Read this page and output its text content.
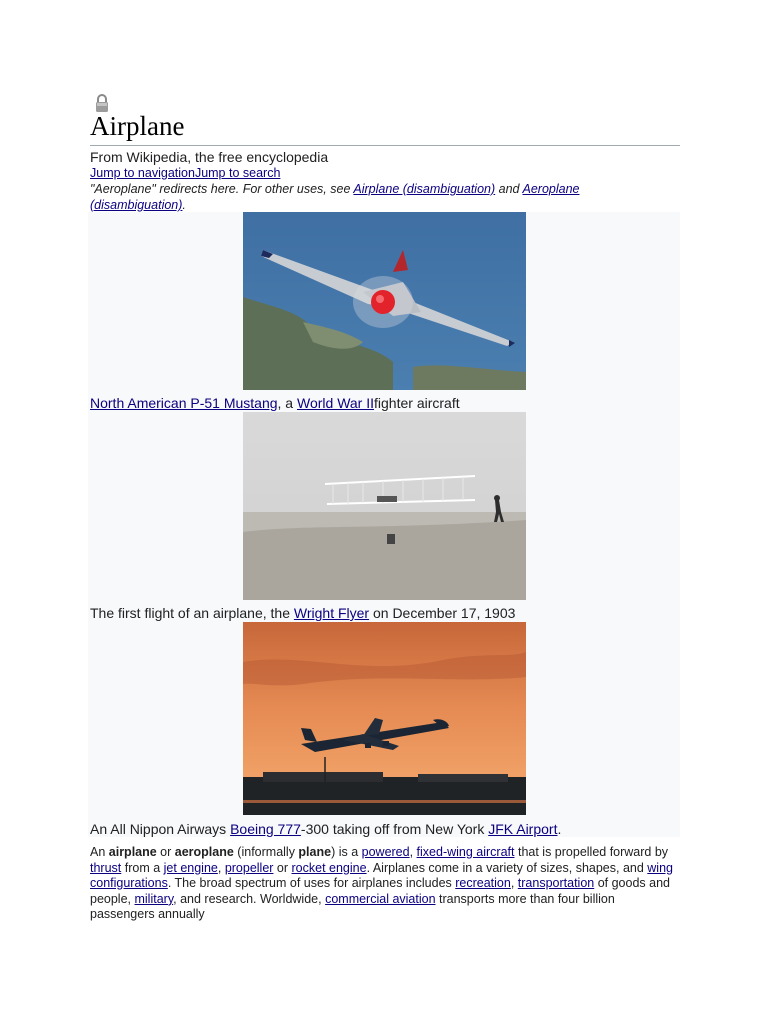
Airplane
From Wikipedia, the free encyclopedia
Jump to navigationJump to search
"Aeroplane" redirects here. For other uses, see Airplane (disambiguation) and Aeroplane (disambiguation).
North American P-51 Mustang, a World War IIfighter aircraft
The first flight of an airplane, the Wright Flyer on December 17, 1903
An All Nippon Airways Boeing 777-300 taking off from New York JFK Airport.

An airplane or aeroplane (informally plane) is a powered, fixed-wing aircraft that is propelled forward by thrust from a jet engine, propeller or rocket engine. Airplanes come in a variety of sizes, shapes, and wing configurations. The broad spectrum of uses for airplanes includes recreation, transportation of goods and people, military, and research. Worldwide, commercial aviation transports more than four billion passengers annually
